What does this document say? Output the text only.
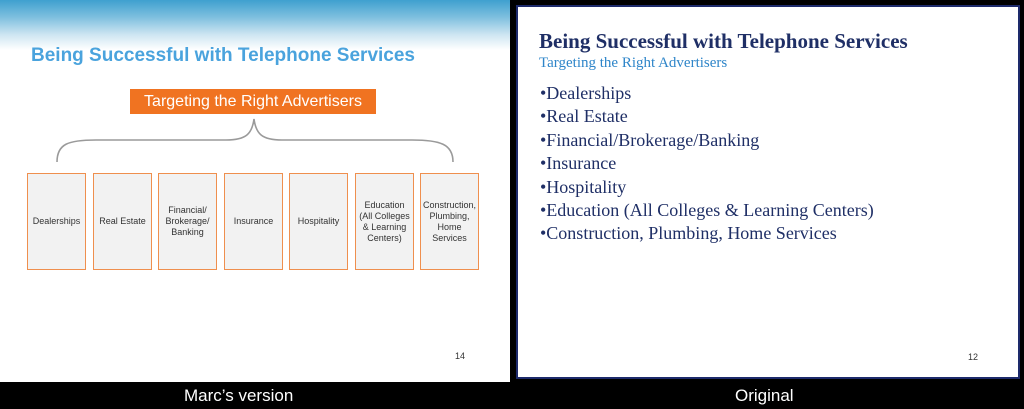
Being Successful with Telephone Services
Targeting the Right Advertisers
Dealerships	Real Estate
Financial/ Brokerage/ Banking
Insurance	Hospitality
Education (All Colleges & Learning Centers)
Construction, Plumbing, Home Services
14
Being Successful with Telephone Services
Targeting the Right Advertisers
•Dealerships
•Real Estate
•Financial/Brokerage/Banking
•Insurance
•Hospitality
•Education (All Colleges & Learning Centers)
•Construction, Plumbing, Home Services
12
Marc’s version	Original
